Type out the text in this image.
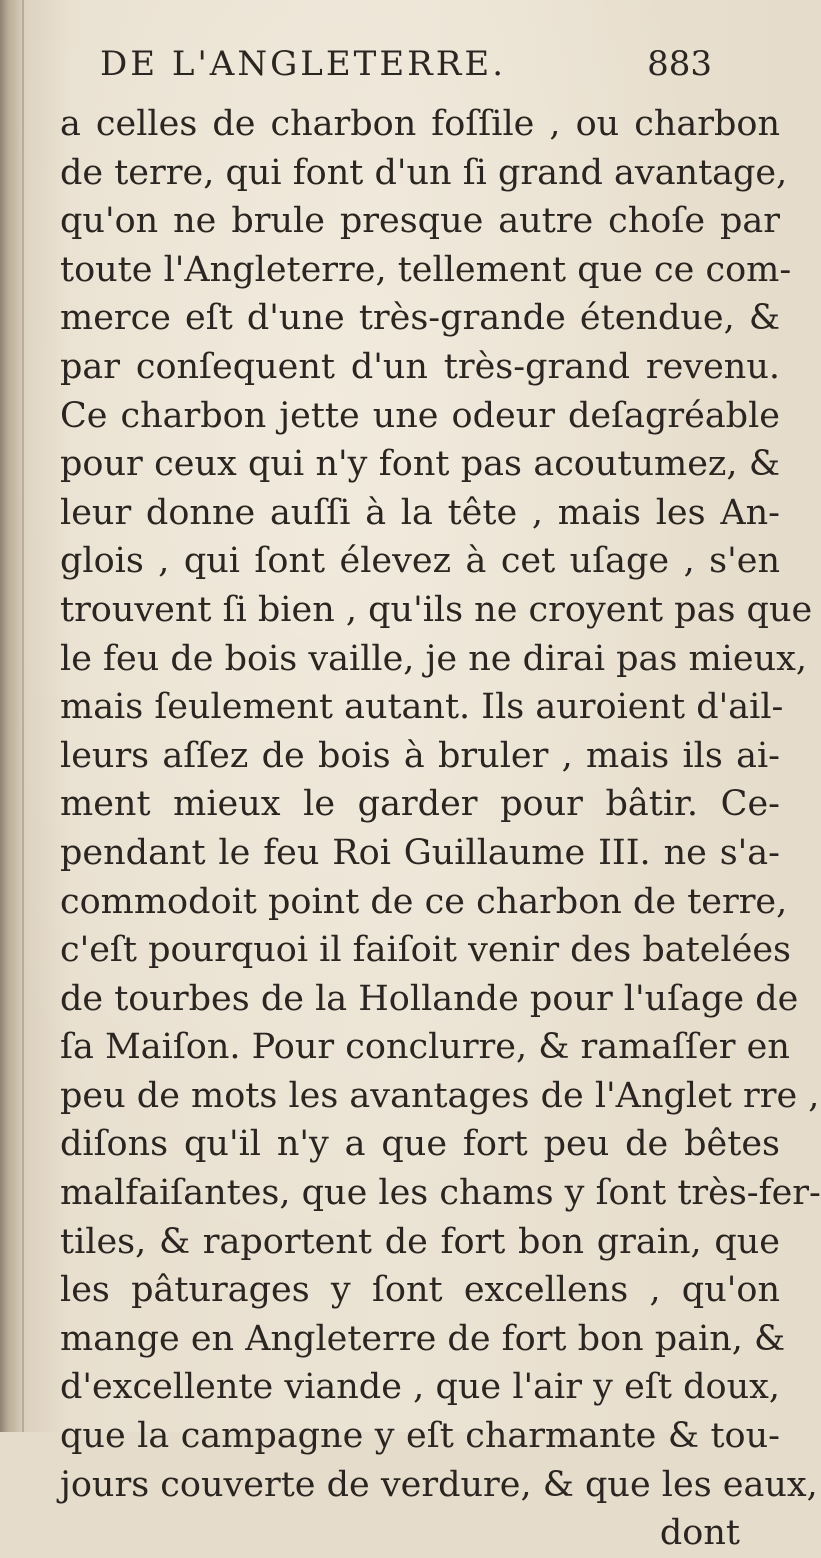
DE L'ANGLETERRE.	883
a celles de charbon foſſile , ou charbon
de terre, qui font d'un ſi grand avantage,
qu'on ne brule presque autre choſe par
toute l'Angleterre, tellement que ce com-
merce eſt d'une très-grande étendue, &
par conſequent d'un très-grand revenu.
Ce charbon jette une odeur deſagréable
pour ceux qui n'y font pas acoutumez, &
leur donne auſſi à la tête , mais les An-
glois , qui ſont élevez à cet uſage , s'en
trouvent ſi bien , qu'ils ne croyent pas que
le feu de bois vaille, je ne dirai pas mieux,
mais ſeulement autant. Ils auroient d'ail-
leurs aſſez de bois à bruler , mais ils ai-
ment mieux le garder pour bâtir. Ce-
pendant le feu Roi Guillaume III. ne s'a-
commodoit point de ce charbon de terre,
c'eſt pourquoi il faiſoit venir des batelées
de tourbes de la Hollande pour l'uſage de
ſa Maiſon. Pour conclurre, & ramaſſer en
peu de mots les avantages de l'Anglet rre ,
diſons qu'il n'y a que fort peu de bêtes
malfaiſantes, que les chams y ſont très-fer-
tiles, & raportent de fort bon grain, que
les pâturages y ſont excellens , qu'on
mange en Angleterre de fort bon pain, &
d'excellente viande , que l'air y eſt doux,
que la campagne y eſt charmante & tou-
jours couverte de verdure, & que les eaux,
dont
